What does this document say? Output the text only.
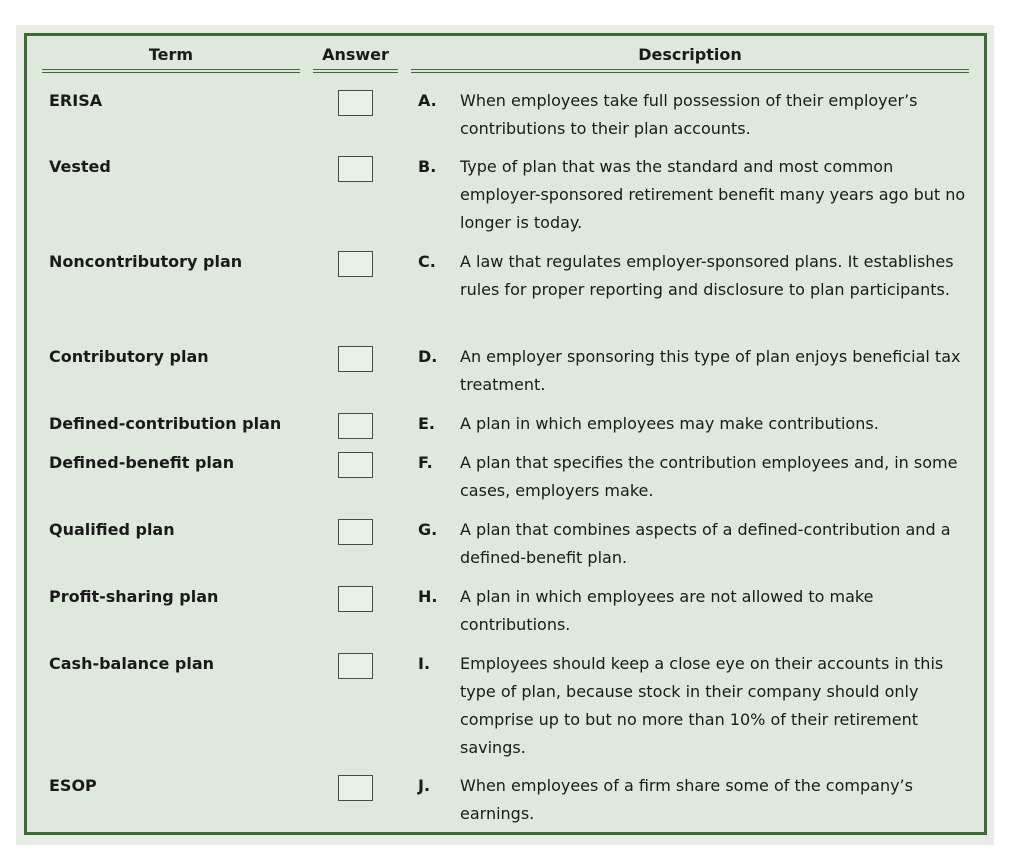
Term	Answer	Description
ERISA	A. When employees take full possession of their employer’s contributions to their plan accounts.
Vested	B. Type of plan that was the standard and most common employer-sponsored retirement benefit many years ago but no longer is today.
Noncontributory plan	C. A law that regulates employer-sponsored plans. It establishes rules for proper reporting and disclosure to plan participants.
Contributory plan	D. An employer sponsoring this type of plan enjoys beneficial tax treatment.
Defined-contribution plan	E. A plan in which employees may make contributions.
Defined-benefit plan	F. A plan that specifies the contribution employees and, in some cases, employers make.
Qualified plan	G. A plan that combines aspects of a defined-contribution and a defined-benefit plan.
Profit-sharing plan	H. A plan in which employees are not allowed to make contributions.
Cash-balance plan	I. Employees should keep a close eye on their accounts in this type of plan, because stock in their company should only comprise up to but no more than 10% of their retirement savings.
ESOP	J. When employees of a firm share some of the company’s earnings.
